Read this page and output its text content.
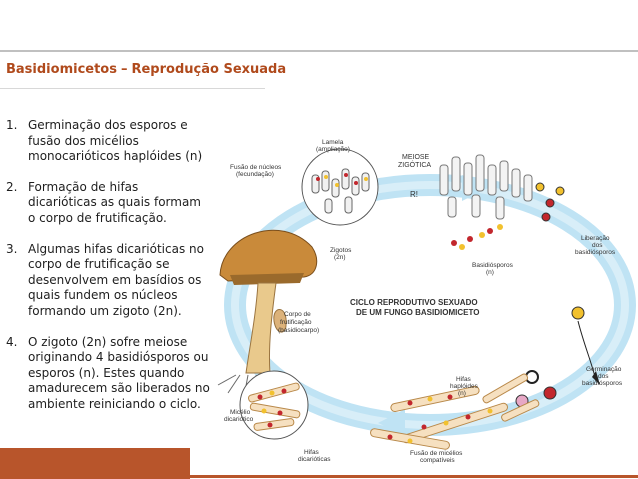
Basidiomicetos – Reprodução Sexuada
1. Germinação dos esporos e fusão dos micélios monocarióticos haplóides (n)
2. Formação de hifas dicarióticas as quais formam o corpo de frutificação.
3. Algumas hifas dicarióticas no corpo de frutificação se desenvolvem em basídios os quais fundem os núcleos formando um zigoto (2n).
4. O zigoto (2n) sofre meiose originando 4 basidiósporos ou esporos (n). Estes quando amadurecem são liberados no ambiente reiniciando o ciclo.
Lamela
(ampliação)
Fusão de núcleos
(fecundação)
MEIOSE
ZIGÓTICA
R!
Liberação
dos
basidiósporos
Basidiósporos
(n)
Zigotos
(2n)
CICLO REPRODUTIVO SEXUADO
DE UM FUNGO BASIDIOMICETO
Corpo de
frutificação
(basidiocarpo)
Germinação
dos
basidiósporos
Hifas
haplóides
(n)
Micélio
dicariótico
Hifas
dicarióticas
Fusão de micélios
compatíveis
